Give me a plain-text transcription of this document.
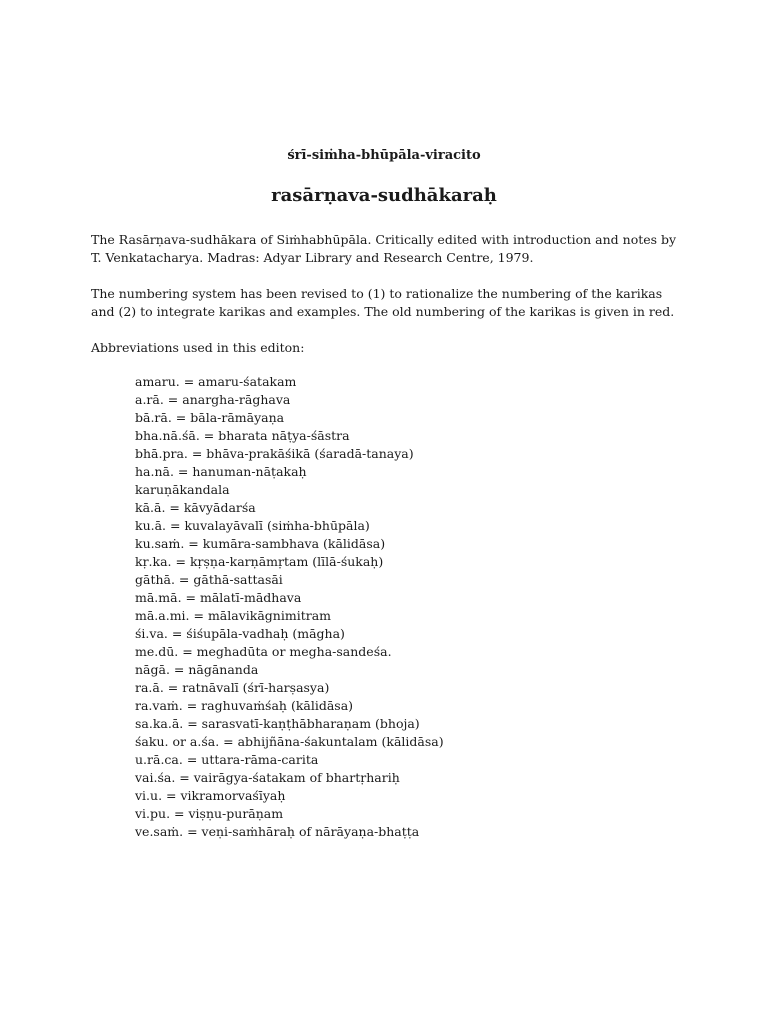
śrī-siṁha-bhūpāla-viracito
rasārṇava-sudhākaraḥ
The Rasārṇava-sudhākara of Siṁhabhūpāla. Critically edited with introduction and notes by T. Venkatacharya. Madras: Adyar Library and Research Centre, 1979.
The numbering system has been revised to (1) to rationalize the numbering of the karikas and (2) to integrate karikas and examples. The old numbering of the karikas is given in red.
Abbreviations used in this editon:
amaru. = amaru-śatakam
a.rā. = anargha-rāghava
bā.rā. = bāla-rāmāyaṇa
bha.nā.śā. = bharata nāṭya-śāstra
bhā.pra. = bhāva-prakāśikā (śaradā-tanaya)
ha.nā. = hanuman-nāṭakaḥ
karuṇākandala
kā.ā. = kāvyādarśa
ku.ā. = kuvalayāvalī (siṁha-bhūpāla)
ku.saṁ. = kumāra-sambhava (kālidāsa)
kṛ.ka. = kṛṣṇa-karṇāmṛtam (līlā-śukaḥ)
gāthā. = gāthā-sattasāi
mā.mā. = mālatī-mādhava
mā.a.mi. = mālavikāgnimitram
śi.va. = śiśupāla-vadhaḥ (māgha)
me.dū. = meghadūta or megha-sandeśa.
nāgā. = nāgānanda
ra.ā. = ratnāvalī (śrī-harṣasya)
ra.vaṁ. = raghuvaṁśaḥ (kālidāsa)
sa.ka.ā. = sarasvatī-kaṇṭhābharaṇam (bhoja)
śaku. or a.śa. = abhijñāna-śakuntalam (kālidāsa)
u.rā.ca. = uttara-rāma-carita
vai.śa. = vairāgya-śatakam of bhartṛhariḥ
vi.u. = vikramorvaśīyaḥ
vi.pu. = viṣṇu-purāṇam
ve.saṁ. = veṇi-saṁhāraḥ of nārāyaṇa-bhaṭṭa
